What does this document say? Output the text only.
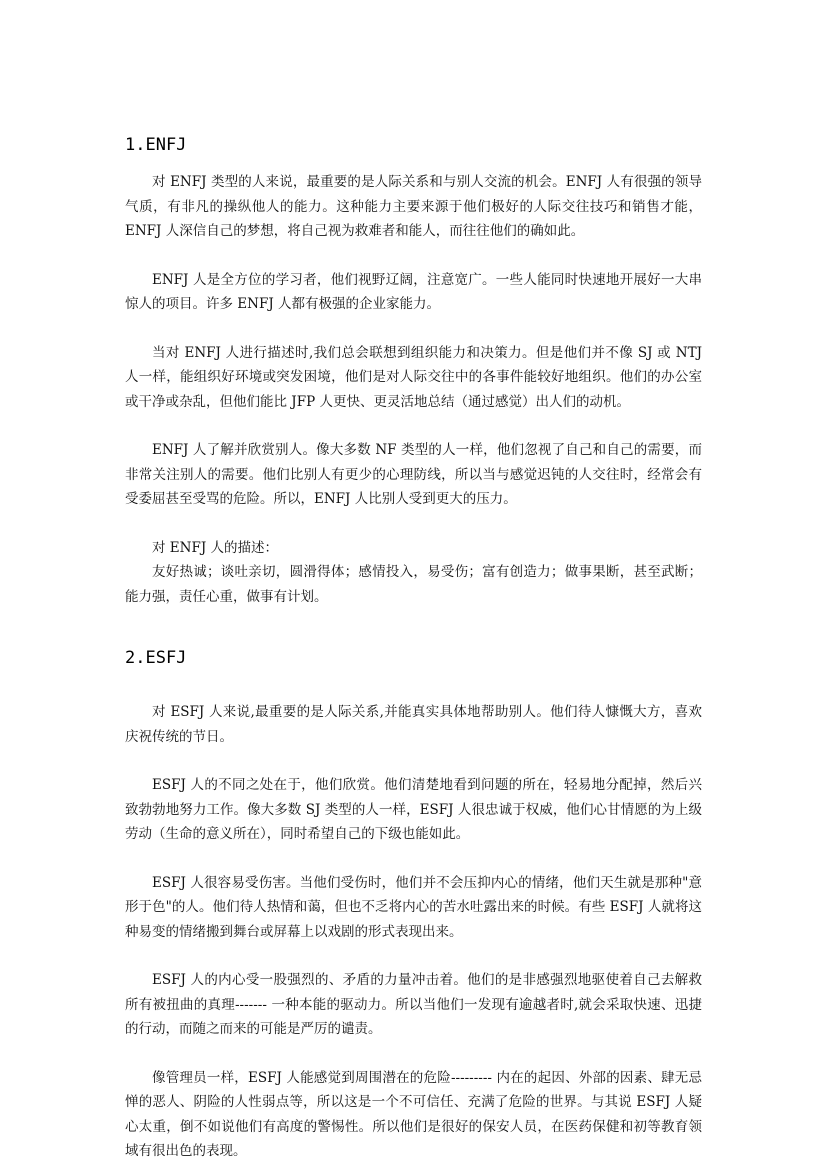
1.ENFJ

对 ENFJ 类型的人来说，最重要的是人际关系和与别人交流的机会。ENFJ 人有很强的领导气质，有非凡的操纵他人的能力。这种能力主要来源于他们极好的人际交往技巧和销售才能，ENFJ 人深信自己的梦想，将自己视为救难者和能人，而往往他们的确如此。

ENFJ 人是全方位的学习者，他们视野辽阔，注意宽广。一些人能同时快速地开展好一大串惊人的项目。许多 ENFJ 人都有极强的企业家能力。

当对 ENFJ 人进行描述时,我们总会联想到组织能力和决策力。但是他们并不像 SJ 或 NTJ 人一样，能组织好环境或突发困境，他们是对人际交往中的各事件能较好地组织。他们的办公室或干净或杂乱，但他们能比 JFP 人更快、更灵活地总结（通过感觉）出人们的动机。

ENFJ 人了解并欣赏别人。像大多数 NF 类型的人一样，他们忽视了自己和自己的需要，而非常关注别人的需要。他们比别人有更少的心理防线，所以当与感觉迟钝的人交往时，经常会有受委屈甚至受骂的危险。所以，ENFJ 人比别人受到更大的压力。

对 ENFJ 人的描述：

友好热诚；谈吐亲切，圆滑得体；感情投入，易受伤；富有创造力；做事果断，甚至武断；能力强，责任心重，做事有计划。

2.ESFJ

对 ESFJ 人来说,最重要的是人际关系,并能真实具体地帮助别人。他们待人慷慨大方，喜欢庆祝传统的节日。

ESFJ 人的不同之处在于，他们欣赏。他们清楚地看到问题的所在，轻易地分配掉，然后兴致勃勃地努力工作。像大多数 SJ 类型的人一样，ESFJ 人很忠诚于权威，他们心甘情愿的为上级劳动（生命的意义所在），同时希望自己的下级也能如此。

ESFJ 人很容易受伤害。当他们受伤时，他们并不会压抑内心的情绪，他们天生就是那种"意形于色"的人。他们待人热情和蔼，但也不乏将内心的苦水吐露出来的时候。有些 ESFJ 人就将这种易变的情绪搬到舞台或屏幕上以戏剧的形式表现出来。

ESFJ 人的内心受一股强烈的、矛盾的力量冲击着。他们的是非感强烈地驱使着自己去解救所有被扭曲的真理------- 一种本能的驱动力。所以当他们一发现有逾越者时,就会采取快速、迅捷的行动，而随之而来的可能是严厉的谴责。

像管理员一样，ESFJ 人能感觉到周围潜在的危险--------- 内在的起因、外部的因素、肆无忌惮的恶人、阴险的人性弱点等，所以这是一个不可信任、充满了危险的世界。与其说 ESFJ 人疑心太重，倒不如说他们有高度的警惕性。所以他们是很好的保安人员，在医药保健和初等教育领域有很出色的表现。
